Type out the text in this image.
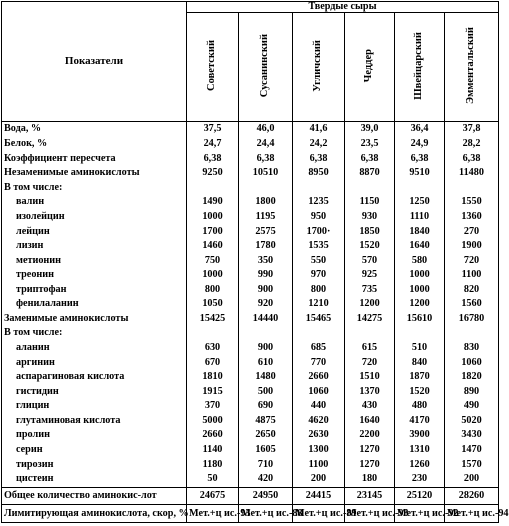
Показатели	Твердые сыры					
	Советский	Сусанинский	Угличский	Чеддер	Швейцарский	Эмментальский
Вода, %	37,5	46,0	41,6	39,0	36,4	37,8
Белок, %	24,7	24,4	24,2	23,5	24,9	28,2
Коэффициент пересчета	6,38	6,38	6,38	6,38	6,38	6,38
Незаменимые аминокислоты	9250	10510	8950	8870	9510	11480
В том числе:						
валин	1490	1800	1235	1150	1250	1550
изолейцин	1000	1195	950	930	1110	1360
лейцин	1700	2575	1700·	1850	1840	270
лизин	1460	1780	1535	1520	1640	1900
метионин	750	350	550	570	580	720
треонин	1000	990	970	925	1000	1100
триптофан	800	900	800	735	1000	820
фенилаланин	1050	920	1210	1200	1200	1560
Заменимые аминокислоты	15425	14440	15465	14275	15610	16780
В том числе:						
аланин	630	900	685	615	510	830
аргинин	670	610	770	720	840	1060
аспарагиновая кислота	1810	1480	2660	1510	1870	1820
гистидин	1915	500	1060	1370	1520	890
глицин	370	690	440	430	480	490
глутаминовая кислота	5000	4875	4620	1640	4170	5020
пролин	2660	2650	2630	2200	3900	3430
серин	1140	1605	1300	1270	1310	1470
тирозин	1180	710	1100	1270	1260	1570
цистеин	50	420	200	180	230	200
Общее количество аминокис-лот	24675	24950	24415	23145	25120	28260
Лимитирующая аминокислота, скор, %	Мет.+ц ис.-93	Мет.+ц ис.-88	Мет.+ц ис.-89	Мет.+ц ис.-93	Мет.+ц ис.-92	Мет.+ц ис.-94
